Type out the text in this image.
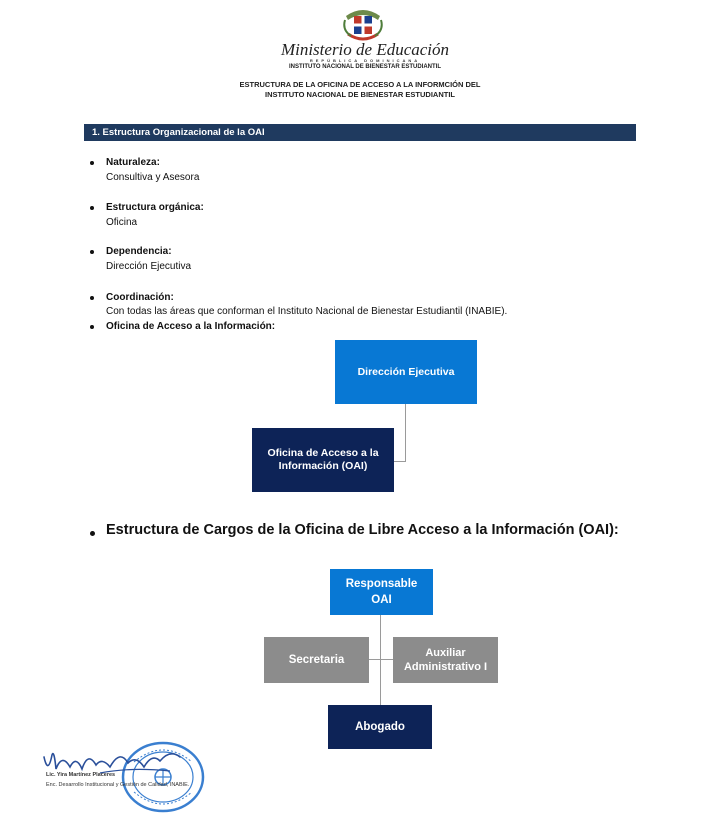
Ministerio de Educación
REPÚBLICA DOMINICANA
INSTITUTO NACIONAL DE BIENESTAR ESTUDIANTIL
ESTRUCTURA DE LA OFICINA DE ACCESO A LA INFORMCIÓN DEL
INSTITUTO NACIONAL DE BIENESTAR ESTUDIANTIL
1. Estructura Organizacional de la OAI
Naturaleza:
Consultiva y Asesora
Estructura orgánica:
Oficina
Dependencia:
Dirección Ejecutiva
Coordinación:
Con todas las áreas que conforman el Instituto Nacional de Bienestar Estudiantil (INABIE).
Oficina de Acceso a la Información:
Dirección Ejecutiva
Oficina de Acceso a la
Información (OAI)
Estructura de Cargos de la Oficina de Libre Acceso a la Información (OAI):
Responsable
OAI
Secretaria
Auxiliar
Administrativo I
Abogado
Lic. Yira Martínez Placeres
Enc. Desarrollo Institucional y Gestión de Calidad, INABIE.
